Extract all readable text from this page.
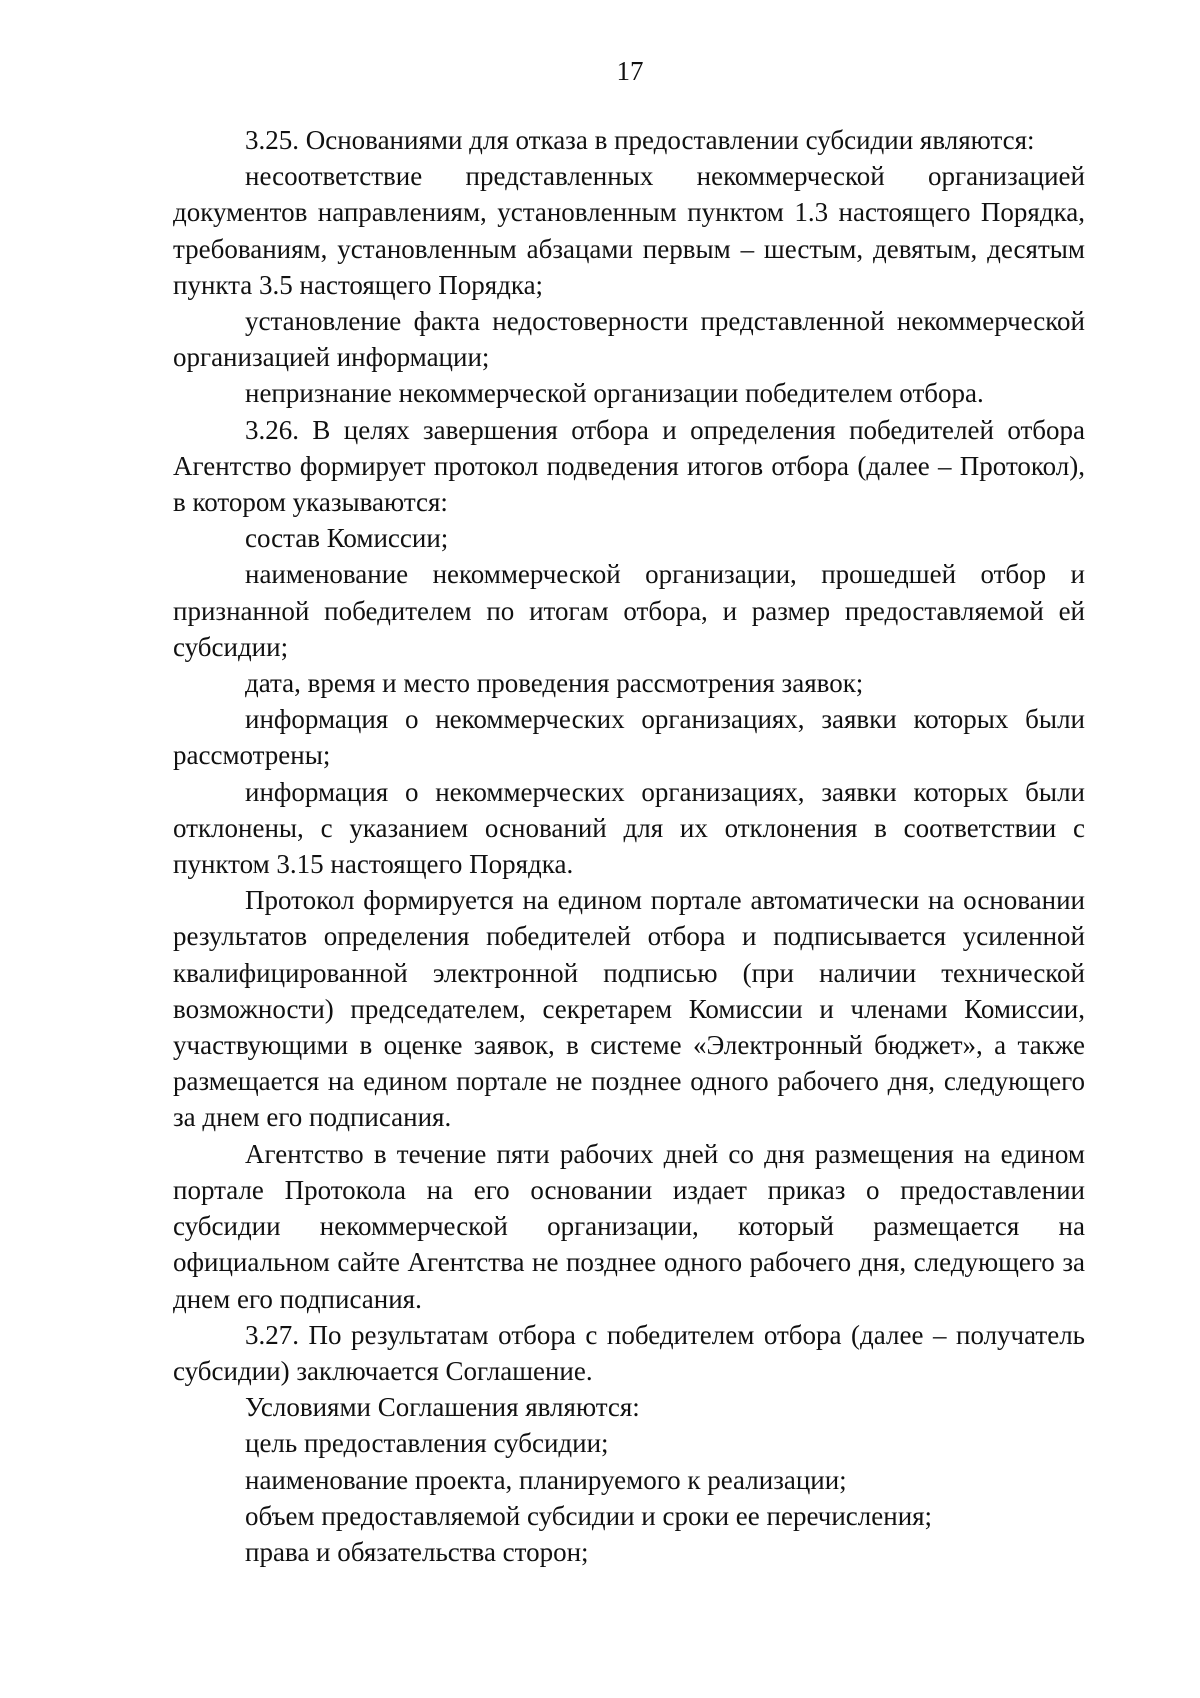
17

3.25. Основаниями для отказа в предоставлении субсидии являются:

несоответствие представленных некоммерческой организацией документов направлениям, установленным пунктом 1.3 настоящего Порядка, требованиям, установленным абзацами первым – шестым, девятым, десятым пункта 3.5 настоящего Порядка;

установление факта недостоверности представленной некоммерческой организацией информации;

непризнание некоммерческой организации победителем отбора.

3.26. В целях завершения отбора и определения победителей отбора Агентство формирует протокол подведения итогов отбора (далее – Протокол), в котором указываются:

состав Комиссии;

наименование некоммерческой организации, прошедшей отбор и признанной победителем по итогам отбора, и размер предоставляемой ей субсидии;

дата, время и место проведения рассмотрения заявок;

информация о некоммерческих организациях, заявки которых были рассмотрены;

информация о некоммерческих организациях, заявки которых были отклонены, с указанием оснований для их отклонения в соответствии с пунктом 3.15 настоящего Порядка.

Протокол формируется на едином портале автоматически на основании результатов определения победителей отбора и подписывается усиленной квалифицированной электронной подписью (при наличии технической возможности) председателем, секретарем Комиссии и членами Комиссии, участвующими в оценке заявок, в системе «Электронный бюджет», а также размещается на едином портале не позднее одного рабочего дня, следующего за днем его подписания.

Агентство в течение пяти рабочих дней со дня размещения на едином портале Протокола на его основании издает приказ о предоставлении субсидии некоммерческой организации, который размещается на официальном сайте Агентства не позднее одного рабочего дня, следующего за днем его подписания.

3.27. По результатам отбора с победителем отбора (далее – получатель субсидии) заключается Соглашение.

Условиями Соглашения являются:

цель предоставления субсидии;

наименование проекта, планируемого к реализации;

объем предоставляемой субсидии и сроки ее перечисления;

права и обязательства сторон;
